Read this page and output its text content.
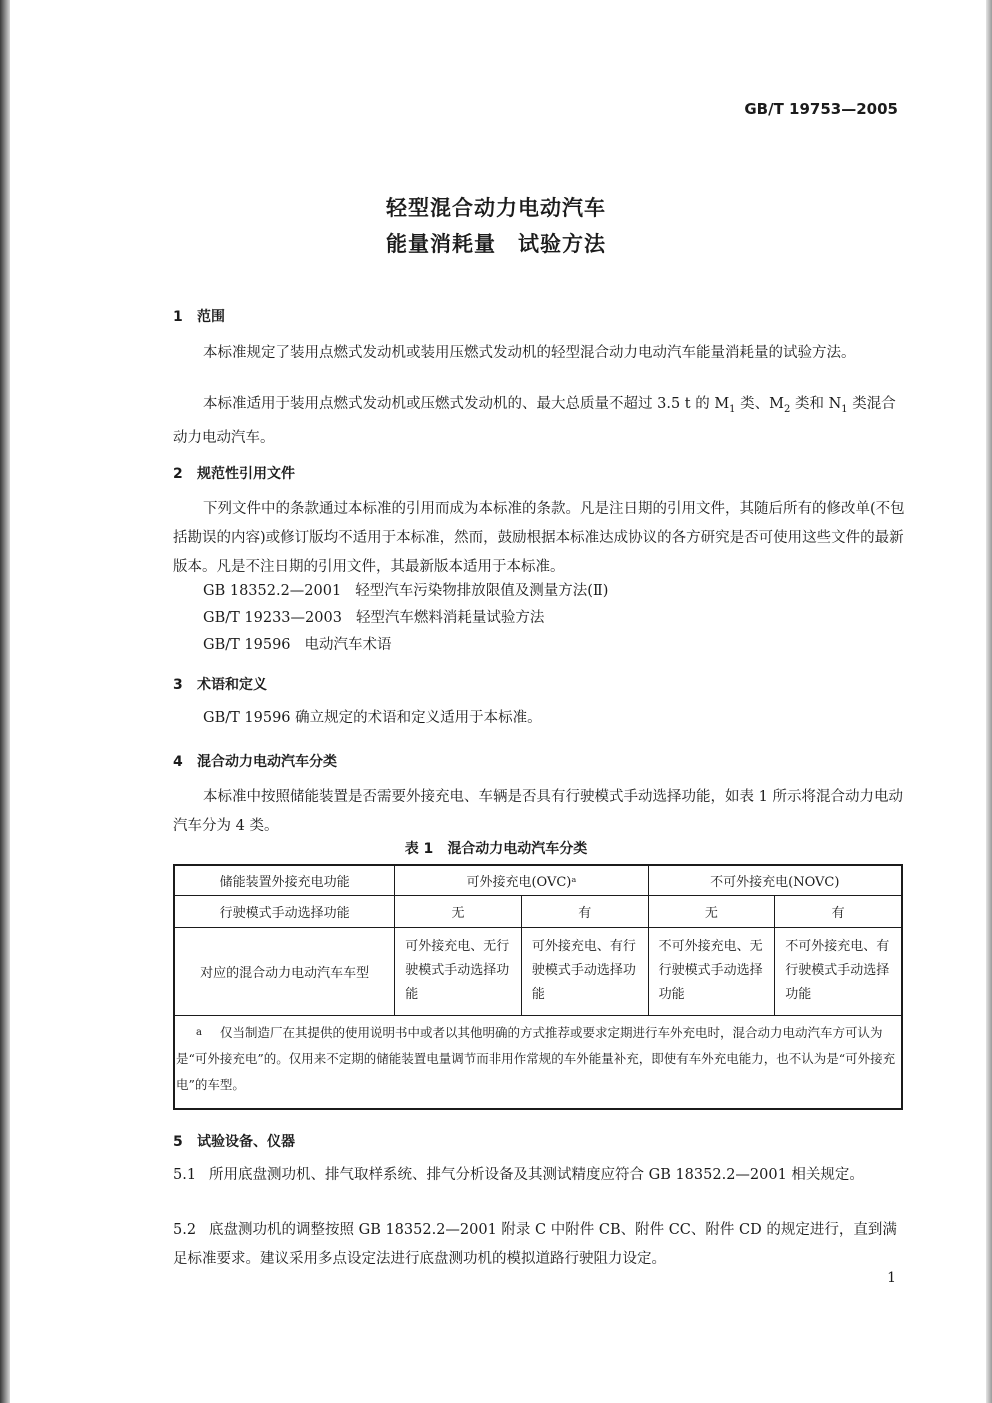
GB/T 19753—2005
轻型混合动力电动汽车
能量消耗量　试验方法
1 范围
本标准规定了装用点燃式发动机或装用压燃式发动机的轻型混合动力电动汽车能量消耗量的试验方法。
本标准适用于装用点燃式发动机或压燃式发动机的、最大总质量不超过 3.5 t 的 $M_1$ 类、$M_2$ 类和 $N_1$ 类混合动力电动汽车。
2 规范性引用文件
下列文件中的条款通过本标准的引用而成为本标准的条款。凡是注日期的引用文件，其随后所有的修改单(不包括勘误的内容)或修订版均不适用于本标准，然而，鼓励根据本标准达成协议的各方研究是否可使用这些文件的最新版本。凡是不注日期的引用文件，其最新版本适用于本标准。
GB 18352.2—2001 轻型汽车污染物排放限值及测量方法(Ⅱ)
GB/T 19233—2003 轻型汽车燃料消耗量试验方法
GB/T 19596 电动汽车术语
3 术语和定义
GB/T 19596 确立规定的术语和定义适用于本标准。
4 混合动力电动汽车分类
本标准中按照储能装置是否需要外接充电、车辆是否具有行驶模式手动选择功能，如表 1 所示将混合动力电动汽车分为 4 类。
表 1 混合动力电动汽车分类
储能装置外接充电功能	可外接充电(OVC)ᵃ		不可外接充电(NOVC)	
行驶模式手动选择功能	无	有	无	有
对应的混合动力电动汽车车型	可外接充电、无行驶模式手动选择功能	可外接充电、有行驶模式手动选择功能	不可外接充电、无行驶模式手动选择功能	不可外接充电、有行驶模式手动选择功能

a 仅当制造厂在其提供的使用说明书中或者以其他明确的方式推荐或要求定期进行车外充电时，混合动力电动汽车方可认为是“可外接充电”的。仅用来不定期的储能装置电量调节而非用作常规的车外能量补充，即使有车外充电能力，也不认为是“可外接充电”的车型。
5 试验设备、仪器
5.1 所用底盘测功机、排气取样系统、排气分析设备及其测试精度应符合 GB 18352.2—2001 相关规定。
5.2 底盘测功机的调整按照 GB 18352.2—2001 附录 C 中附件 CB、附件 CC、附件 CD 的规定进行，直到满足标准要求。建议采用多点设定法进行底盘测功机的模拟道路行驶阻力设定。
1
